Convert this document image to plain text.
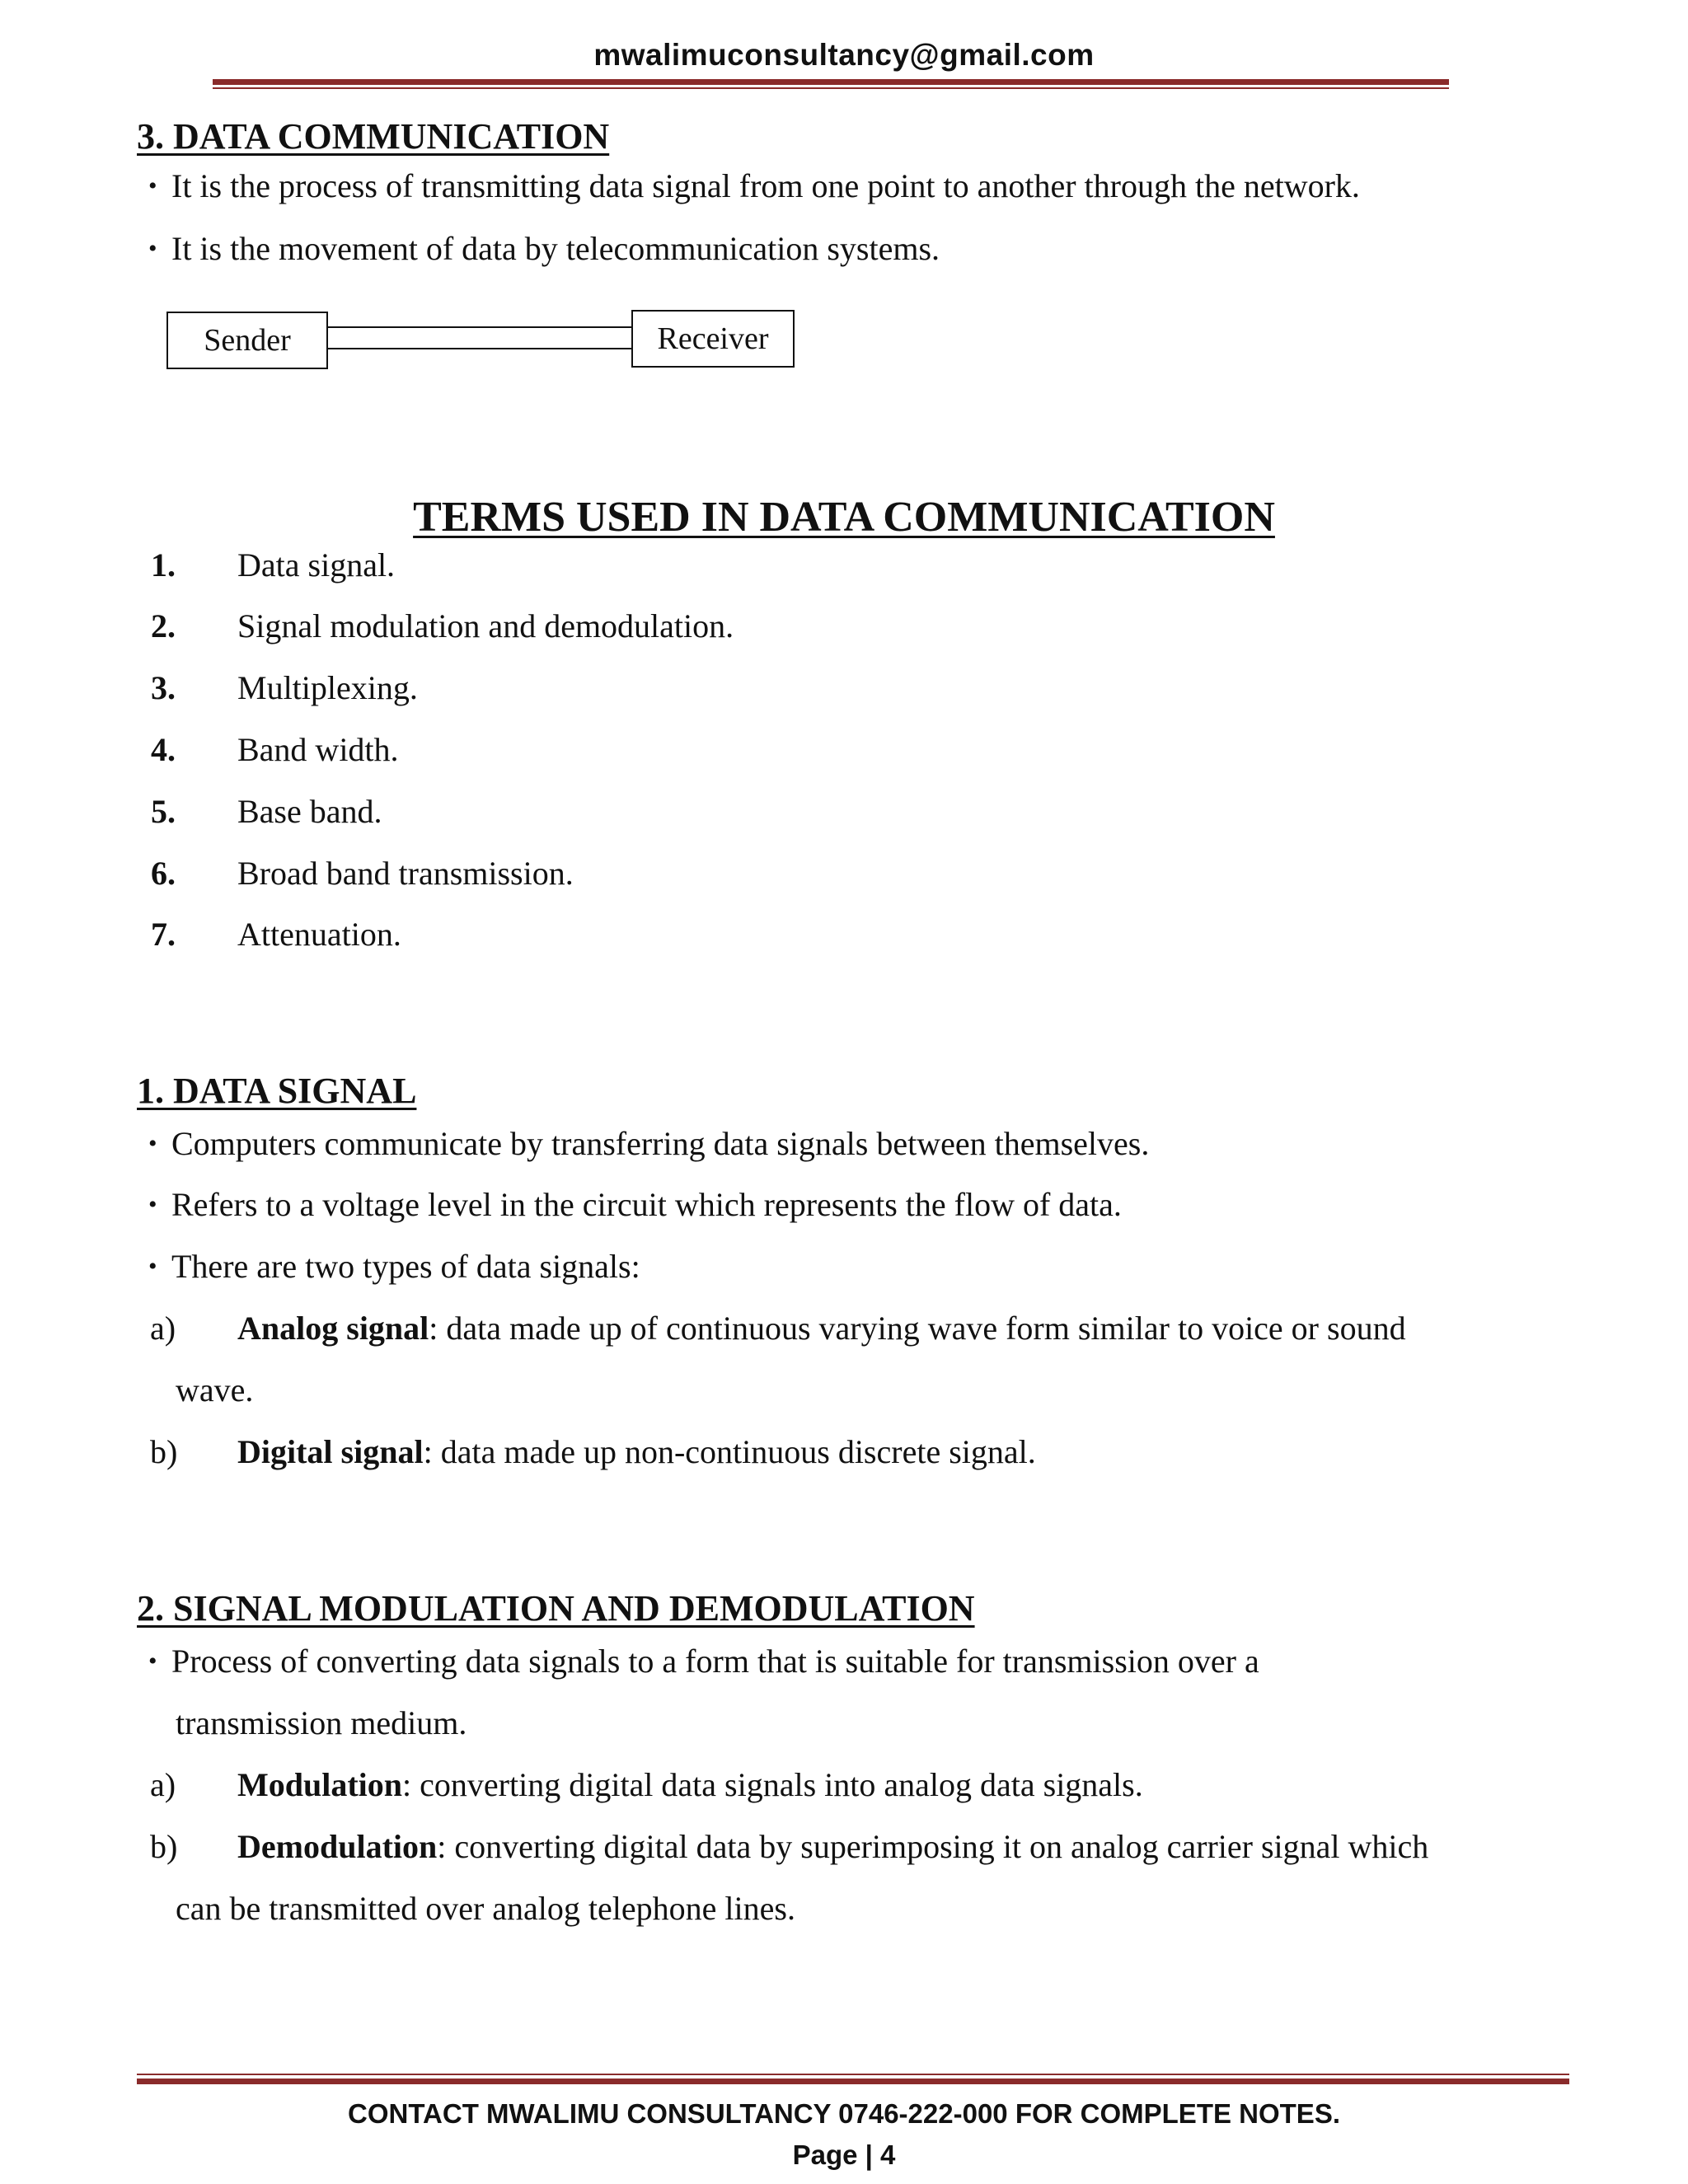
mwalimuconsultancy@gmail.com
3. DATA COMMUNICATION
• It is the process of transmitting data signal from one point to another through the network.
• It is the movement of data by telecommunication systems.
Sender	Receiver
TERMS USED IN DATA COMMUNICATION
1. Data signal.
2. Signal modulation and demodulation.
3. Multiplexing.
4. Band width.
5. Base band.
6. Broad band transmission.
7. Attenuation.
1. DATA SIGNAL
• Computers communicate by transferring data signals between themselves.
• Refers to a voltage level in the circuit which represents the flow of data.
• There are two types of data signals:
a) Analog signal: data made up of continuous varying wave form similar to voice or sound
wave.
b) Digital signal: data made up non-continuous discrete signal.
2. SIGNAL MODULATION AND DEMODULATION
• Process of converting data signals to a form that is suitable for transmission over a
transmission medium.
a) Modulation: converting digital data signals into analog data signals.
b) Demodulation: converting digital data by superimposing it on analog carrier signal which
can be transmitted over analog telephone lines.
CONTACT MWALIMU CONSULTANCY 0746-222-000 FOR COMPLETE NOTES.
Page | 4
